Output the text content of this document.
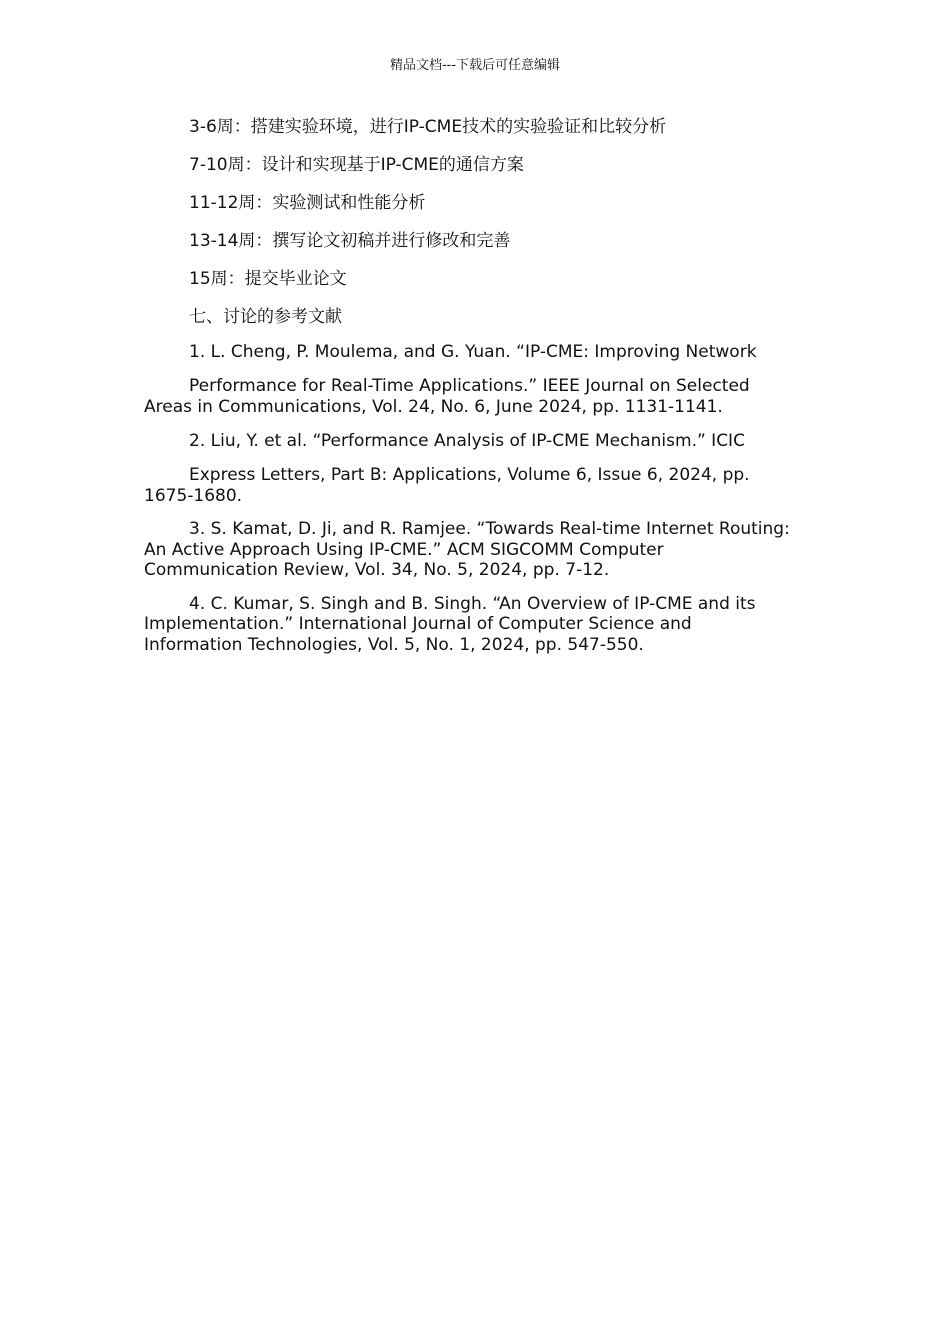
精品文档---下载后可任意编辑

3-6周：搭建实验环境，进行IP-CME技术的实验验证和比较分析

7-10周：设计和实现基于IP-CME的通信方案

11-12周：实验测试和性能分析

13-14周：撰写论文初稿并进行修改和完善

15周：提交毕业论文

七、讨论的参考文献

1. L. Cheng, P. Moulema, and G. Yuan. “IP-CME: Improving Network

Performance for Real-Time Applications.” IEEE Journal on Selected Areas in Communications, Vol. 24, No. 6, June 2024, pp. 1131-1141.

2. Liu, Y. et al. “Performance Analysis of IP-CME Mechanism.” ICIC

Express Letters, Part B: Applications, Volume 6, Issue 6, 2024, pp. 1675-1680.

3. S. Kamat, D. Ji, and R. Ramjee. “Towards Real-time Internet Routing: An Active Approach Using IP-CME.” ACM SIGCOMM Computer Communication Review, Vol. 34, No. 5, 2024, pp. 7-12.

4. C. Kumar, S. Singh and B. Singh. “An Overview of IP-CME and its Implementation.” International Journal of Computer Science and Information Technologies, Vol. 5, No. 1, 2024, pp. 547-550.
